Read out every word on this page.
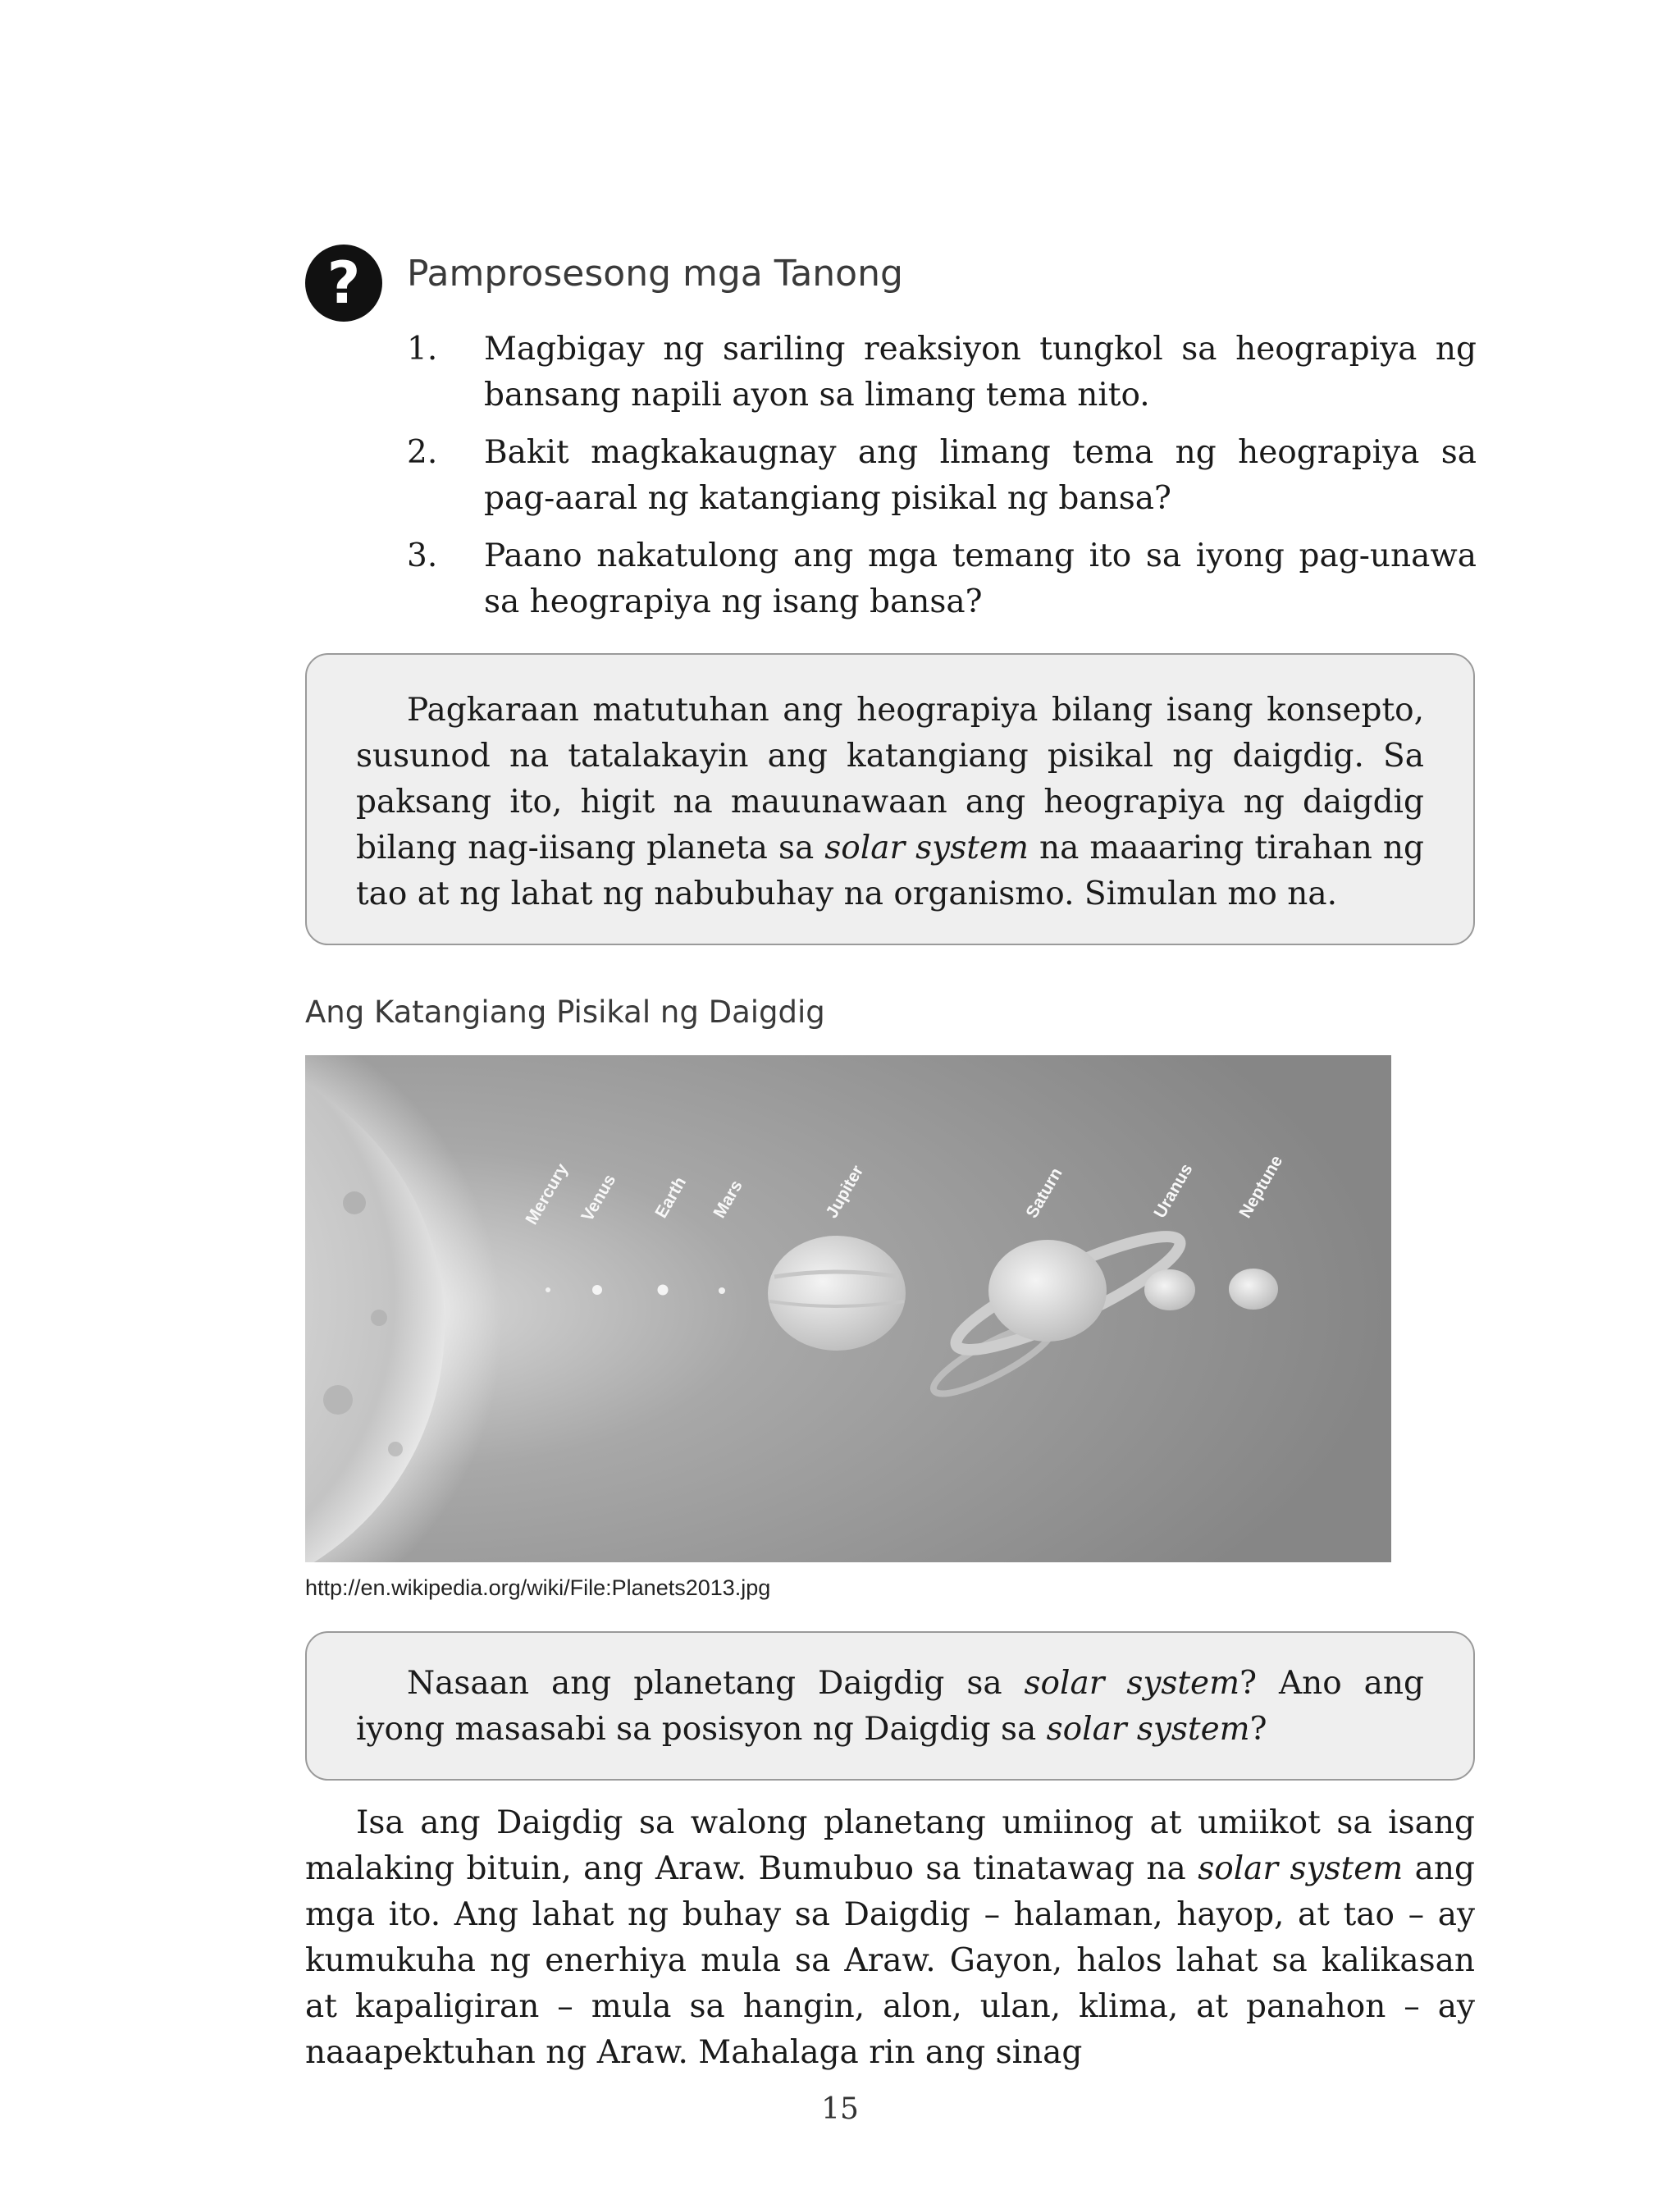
?	Pamprosesong mga Tanong
1.	Magbigay ng sariling reaksiyon tungkol sa heograpiya ng bansang napili ayon sa limang tema nito.
2.	Bakit magkakaugnay ang limang tema ng heograpiya sa pag-aaral ng katangiang pisikal ng bansa?
3.	Paano nakatulong ang mga temang ito sa iyong pag-unawa sa heograpiya ng isang bansa?

Pagkaraan matutuhan ang heograpiya bilang isang konsepto, susunod na tatalakayin ang katangiang pisikal ng daigdig. Sa paksang ito, higit na mauunawaan ang heograpiya ng daigdig bilang nag-iisang planeta sa solar system na maaaring tirahan ng tao at ng lahat ng nabubuhay na organismo. Simulan mo na.

Ang Katangiang Pisikal ng Daigdig
Mercury Venus Earth Mars	Jupiter	Saturn	Uranus Neptune
http://en.wikipedia.org/wiki/File:Planets2013.jpg

Nasaan ang planetang Daigdig sa solar system? Ano ang iyong masasabi sa posisyon ng Daigdig sa solar system?

Isa ang Daigdig sa walong planetang umiinog at umiikot sa isang malaking bituin, ang Araw. Bumubuo sa tinatawag na solar system ang mga ito. Ang lahat ng buhay sa Daigdig – halaman, hayop, at tao – ay kumukuha ng enerhiya mula sa Araw. Gayon, halos lahat sa kalikasan at kapaligiran – mula sa hangin, alon, ulan, klima, at panahon – ay naaapektuhan ng Araw. Mahalaga rin ang sinag

15
